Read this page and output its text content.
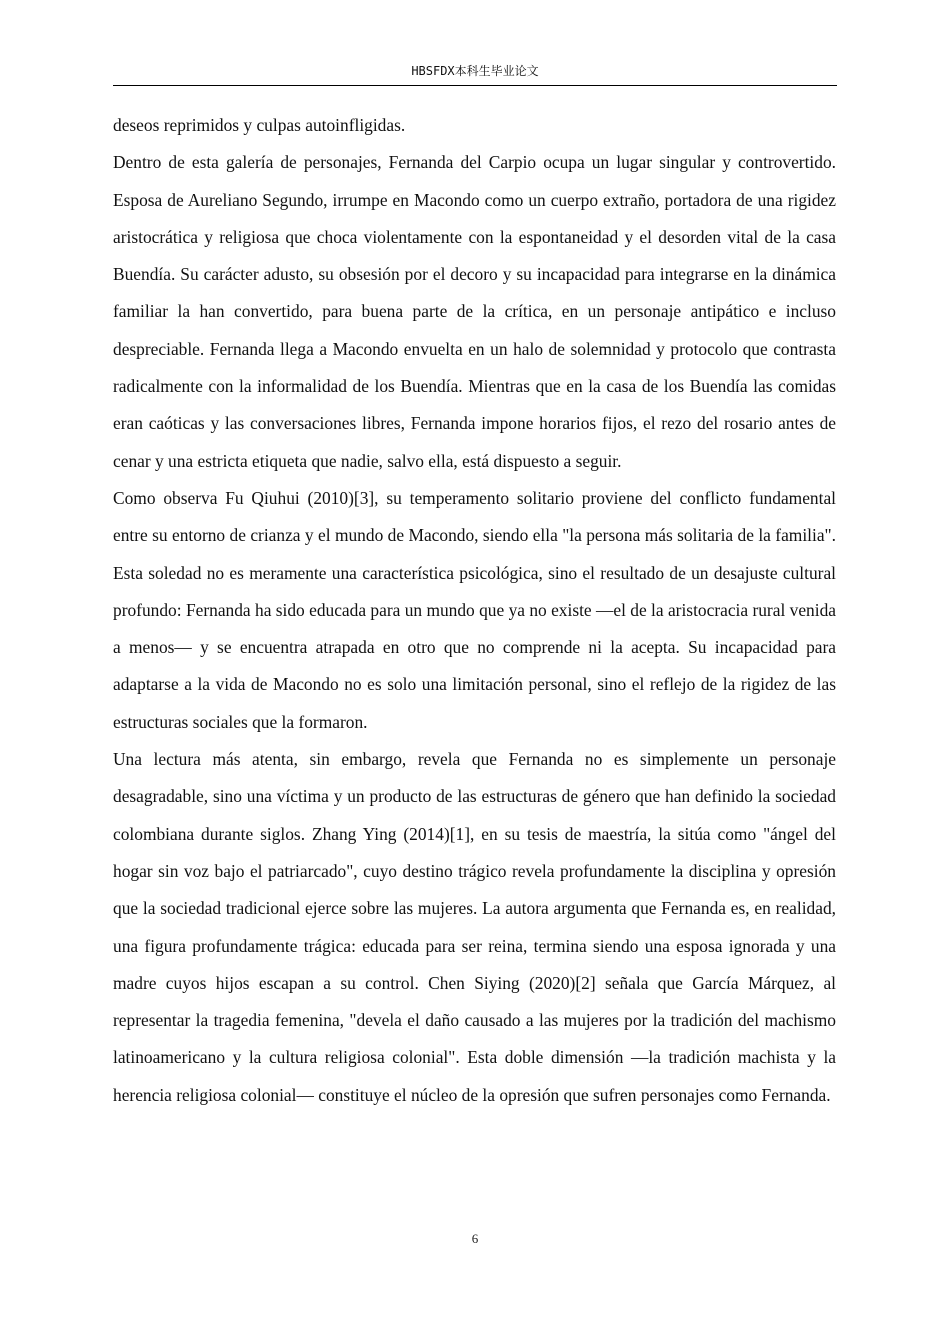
HBSFDX本科生毕业论文

deseos reprimidos y culpas autoinfligidas.

Dentro de esta galería de personajes, Fernanda del Carpio ocupa un lugar singular y controvertido. Esposa de Aureliano Segundo, irrumpe en Macondo como un cuerpo extraño, portadora de una rigidez aristocrática y religiosa que choca violentamente con la espontaneidad y el desorden vital de la casa Buendía. Su carácter adusto, su obsesión por el decoro y su incapacidad para integrarse en la dinámica familiar la han convertido, para buena parte de la crítica, en un personaje antipático e incluso despreciable. Fernanda llega a Macondo envuelta en un halo de solemnidad y protocolo que contrasta radicalmente con la informalidad de los Buendía. Mientras que en la casa de los Buendía las comidas eran caóticas y las conversaciones libres, Fernanda impone horarios fijos, el rezo del rosario antes de cenar y una estricta etiqueta que nadie, salvo ella, está dispuesto a seguir.

Como observa Fu Qiuhui (2010)[3], su temperamento solitario proviene del conflicto fundamental entre su entorno de crianza y el mundo de Macondo, siendo ella "la persona más solitaria de la familia". Esta soledad no es meramente una característica psicológica, sino el resultado de un desajuste cultural profundo: Fernanda ha sido educada para un mundo que ya no existe —el de la aristocracia rural venida a menos— y se encuentra atrapada en otro que no comprende ni la acepta. Su incapacidad para adaptarse a la vida de Macondo no es solo una limitación personal, sino el reflejo de la rigidez de las estructuras sociales que la formaron.

Una lectura más atenta, sin embargo, revela que Fernanda no es simplemente un personaje desagradable, sino una víctima y un producto de las estructuras de género que han definido la sociedad colombiana durante siglos. Zhang Ying (2014)[1], en su tesis de maestría, la sitúa como "ángel del hogar sin voz bajo el patriarcado", cuyo destino trágico revela profundamente la disciplina y opresión que la sociedad tradicional ejerce sobre las mujeres. La autora argumenta que Fernanda es, en realidad, una figura profundamente trágica: educada para ser reina, termina siendo una esposa ignorada y una madre cuyos hijos escapan a su control. Chen Siying (2020)[2] señala que García Márquez, al representar la tragedia femenina, "devela el daño causado a las mujeres por la tradición del machismo latinoamericano y la cultura religiosa colonial". Esta doble dimensión —la tradición machista y la herencia religiosa colonial— constituye el núcleo de la opresión que sufren personajes como Fernanda.

6
